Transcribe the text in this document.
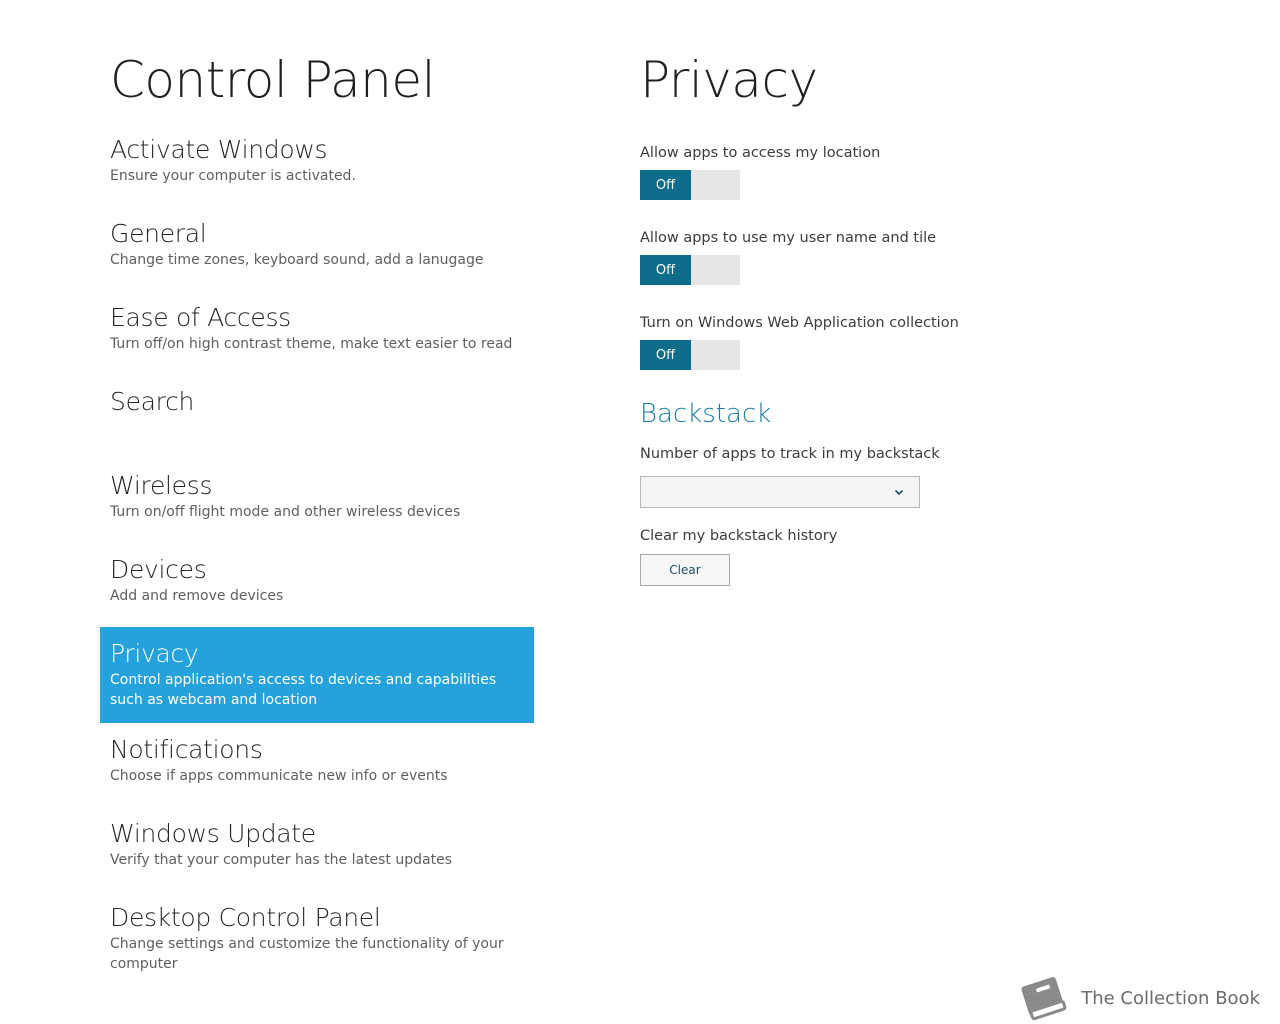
Control Panel
Activate Windows
Ensure your computer is activated.
General
Change time zones, keyboard sound, add a lanugage
Ease of Access
Turn off/on high contrast theme, make text easier to read
Search
Wireless
Turn on/off flight mode and other wireless devices
Devices
Add and remove devices
Privacy
Control application's access to devices and capabilities such as webcam and location
Notifications
Choose if apps communicate new info or events
Windows Update
Verify that your computer has the latest updates
Desktop Control Panel
Change settings and customize the functionality of your computer
Privacy
Allow apps to access my location
Off
Allow apps to use my user name and tile
Off
Turn on Windows Web Application collection
Off
Backstack
Number of apps to track in my backstack
Clear my backstack history
Clear
The Collection Book
